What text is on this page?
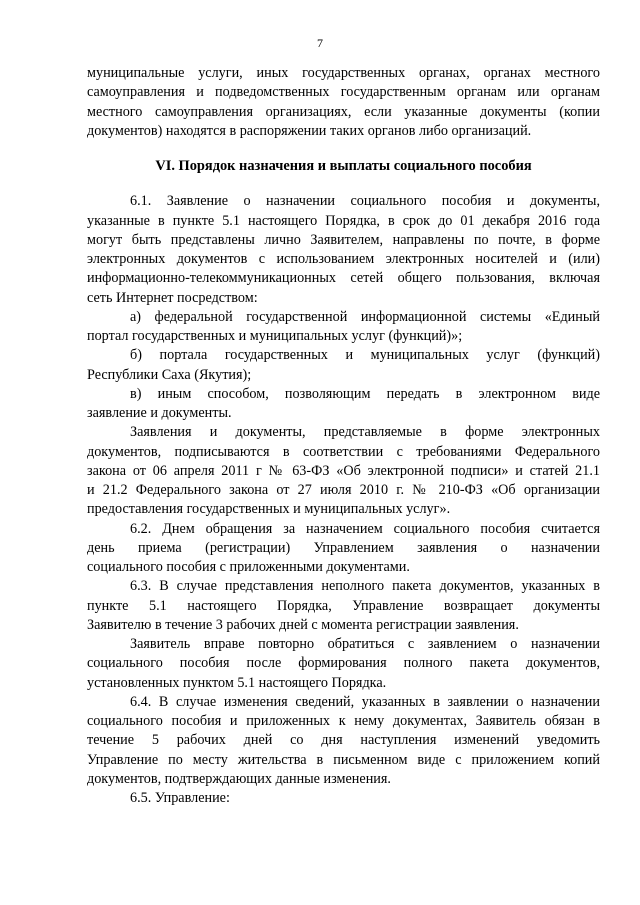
7
муниципальные услуги, иных государственных органах, органах местного
самоуправления и подведомственных государственным органам или органам
местного самоуправления организациях, если указанные документы (копии
документов) находятся в распоряжении таких органов либо организаций.
VI. Порядок назначения и выплаты социального пособия
6.1. Заявление о назначении социального пособия и документы,
указанные в пункте 5.1 настоящего Порядка, в срок до 01 декабря 2016 года
могут быть представлены лично Заявителем, направлены по почте, в форме
электронных документов с использованием электронных носителей и (или)
информационно-телекоммуникационных сетей общего пользования, включая
сеть Интернет посредством:
а) федеральной государственной информационной системы «Единый
портал государственных и муниципальных услуг (функций)»;
б) портала государственных и муниципальных услуг (функций)
Республики Саха (Якутия);
в) иным способом, позволяющим передать в электронном виде
заявление и документы.
Заявления и документы, представляемые в форме электронных
документов, подписываются в соответствии с требованиями Федерального
закона от 06 апреля 2011 г № 63-ФЗ «Об электронной подписи» и статей 21.1
и 21.2 Федерального закона от 27 июля 2010 г. № 210-ФЗ «Об организации
предоставления государственных и муниципальных услуг».
6.2. Днем обращения за назначением социального пособия считается
день приема (регистрации) Управлением заявления о назначении
социального пособия с приложенными документами.
6.3. В случае представления неполного пакета документов, указанных в
пункте 5.1 настоящего Порядка, Управление возвращает документы
Заявителю в течение 3 рабочих дней с момента регистрации заявления.
Заявитель вправе повторно обратиться с заявлением о назначении
социального пособия после формирования полного пакета документов,
установленных пунктом 5.1 настоящего Порядка.
6.4. В случае изменения сведений, указанных в заявлении о назначении
социального пособия и приложенных к нему документах, Заявитель обязан в
течение 5 рабочих дней со дня наступления изменений уведомить
Управление по месту жительства в письменном виде с приложением копий
документов, подтверждающих данные изменения.
6.5. Управление:
